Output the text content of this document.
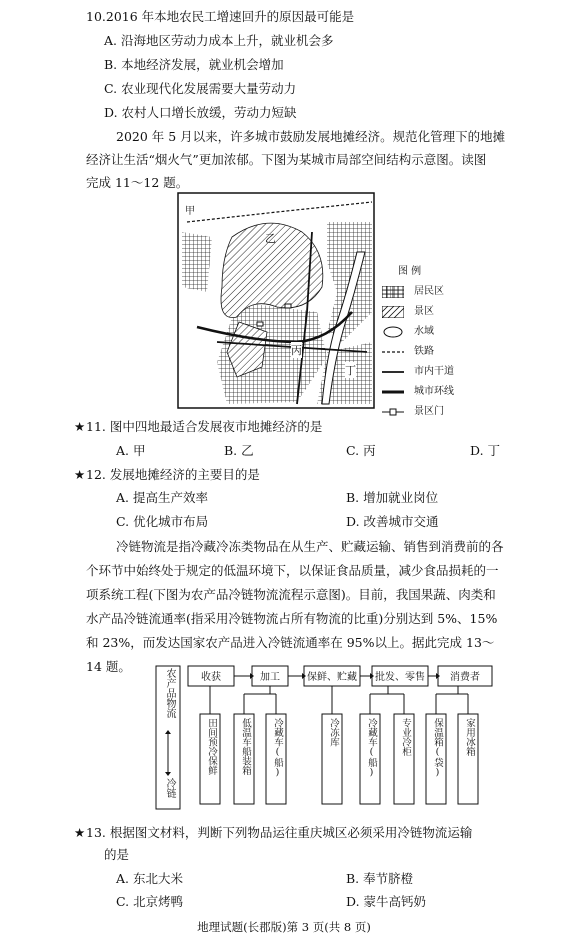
10.2016 年本地农民工增速回升的原因最可能是
A. 沿海地区劳动力成本上升，就业机会多
B. 本地经济发展，就业机会增加
C. 农业现代化发展需要大量劳动力
D. 农村人口增长放缓，劳动力短缺
2020 年 5 月以来，许多城市鼓励发展地摊经济。规范化管理下的地摊
经济让生活“烟火气”更加浓郁。下图为某城市局部空间结构示意图。读图
完成 11～12 题。
甲
乙
丙
丁
图 例
居民区
景区
水域
铁路
市内干道
城市环线
景区门
★ 11. 图中四地最适合发展夜市地摊经济的是
A. 甲	B. 乙	C. 丙	D. 丁
★ 12. 发展地摊经济的主要目的是
A. 提高生产效率	B. 增加就业岗位
C. 优化城市布局	D. 改善城市交通
冷链物流是指冷藏冷冻类物品在从生产、贮藏运输、销售到消费前的各
个环节中始终处于规定的低温环境下，以保证食品质量，减少食品损耗的一
项系统工程(下图为农产品冷链物流流程示意图)。目前，我国果蔬、肉类和
水产品冷链流通率(指采用冷链物流占所有物流的比重)分别达到 5%、15%
和 23%，而发达国家农产品进入冷链流通率在 95%以上。据此完成 13～
14 题。
农产品物流
冷链
收获	加工	保鲜、贮藏	批发、零售	消费者
田间预冷保鲜 低温车船装箱 冷藏车(船)	冷冻库	冷藏车(船) 专业冷柜 保温箱(袋) 家用冰箱
★ 13. 根据图文材料，判断下列物品运往重庆城区必须采用冷链物流运输
的是
A. 东北大米	B. 奉节脐橙
C. 北京烤鸭	D. 蒙牛高钙奶
地理试题(长郡版)第 3 页(共 8 页)
